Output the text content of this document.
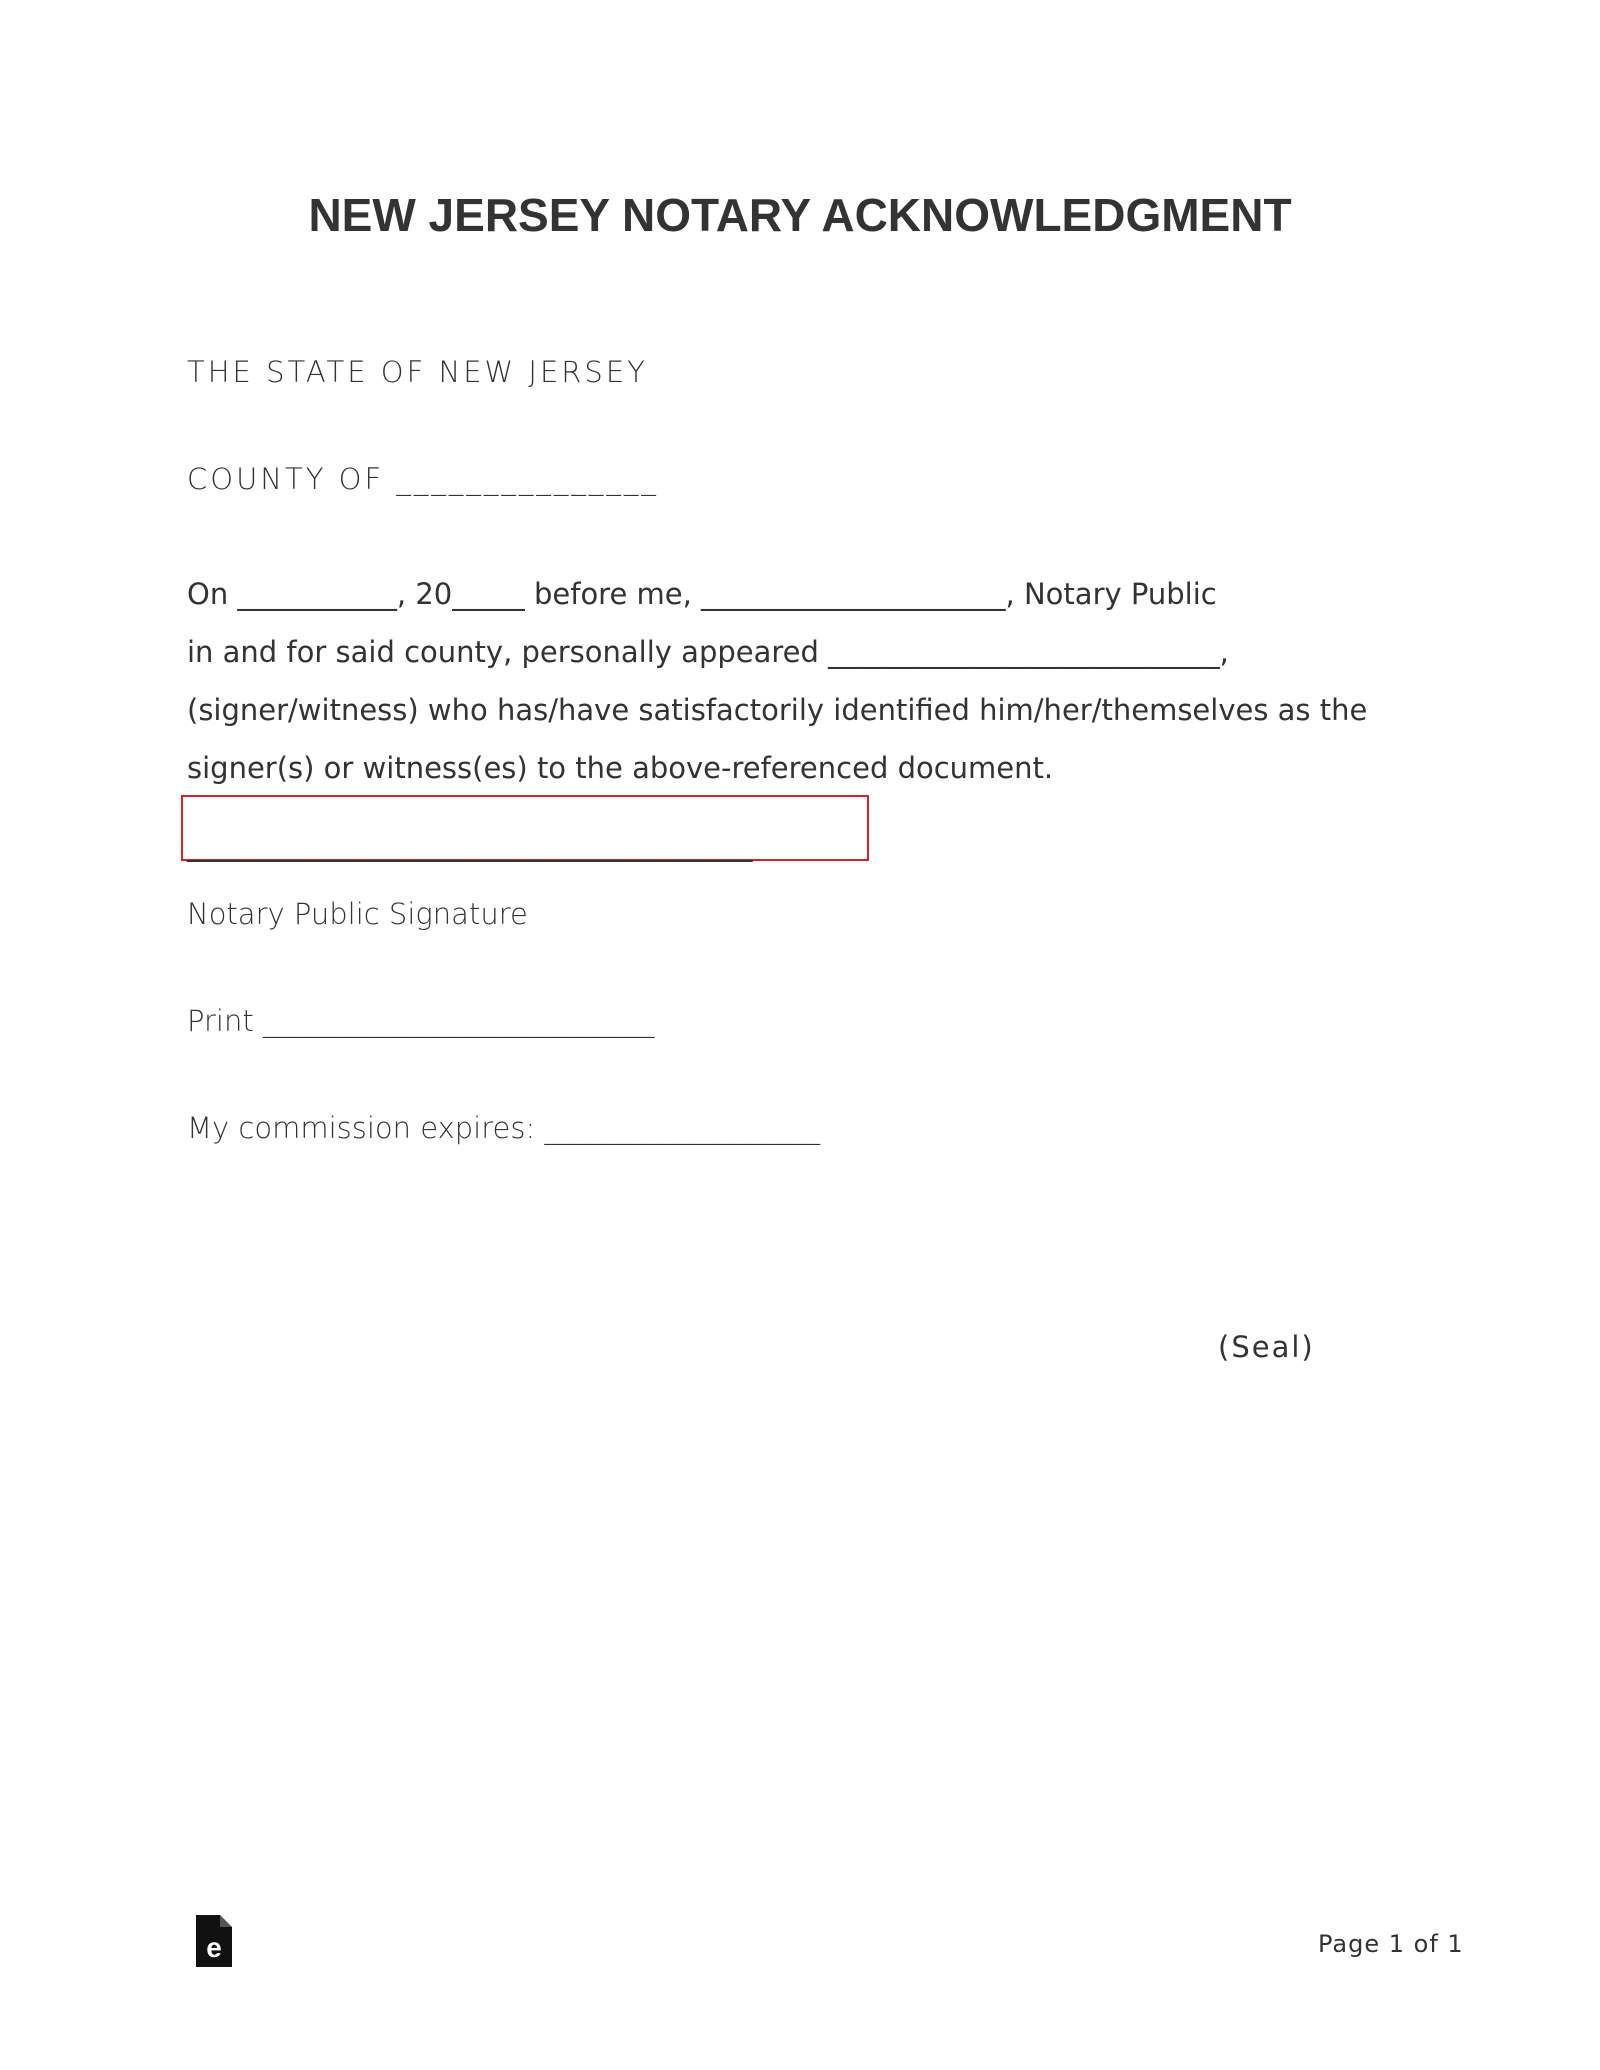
NEW JERSEY NOTARY ACKNOWLEDGMENT

THE STATE OF NEW JERSEY

COUNTY OF _______________

On ___________, 20_____ before me, _____________________, Notary Public
in and for said county, personally appeared ___________________________,
(signer/witness) who has/have satisfactorily identified him/her/themselves as the
signer(s) or witness(es) to the above-referenced document.

_______________________________________

Notary Public Signature

Print ___________________________

My commission expires: ___________________

(Seal)

e	Page 1 of 1
